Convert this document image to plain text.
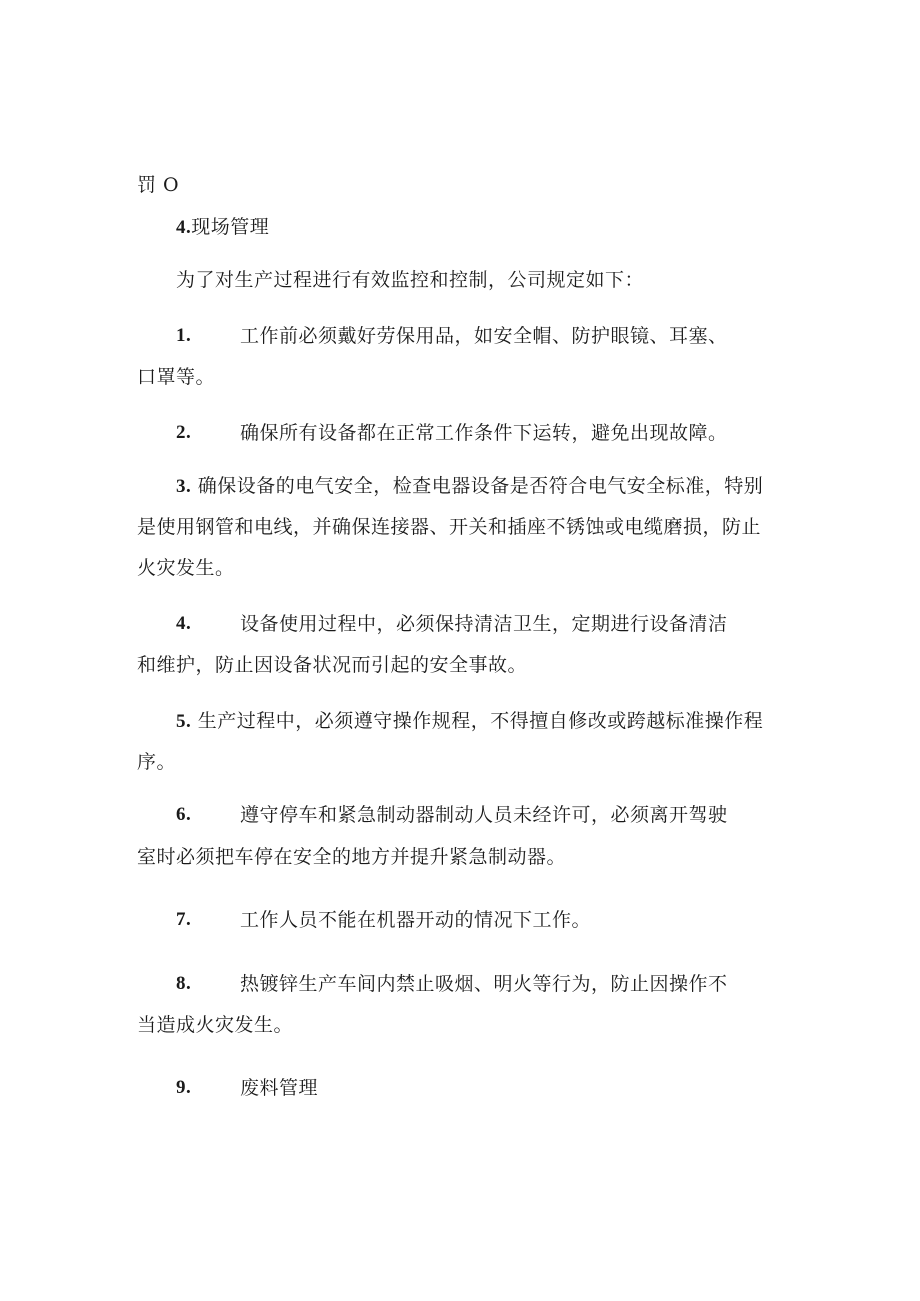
罚 O
4.现场管理
为了对生产过程进行有效监控和控制，公司规定如下：
1.	工作前必须戴好劳保用品，如安全帽、防护眼镜、耳塞、
口罩等。
2.	确保所有设备都在正常工作条件下运转，避免出现故障。
3. 确保设备的电气安全，检查电器设备是否符合电气安全标准，特别
是使用钢管和电线，并确保连接器、开关和插座不锈蚀或电缆磨损，防止
火灾发生。
4.	设备使用过程中，必须保持清洁卫生，定期进行设备清洁
和维护，防止因设备状况而引起的安全事故。
5. 生产过程中，必须遵守操作规程，不得擅自修改或跨越标准操作程
序。
6.	遵守停车和紧急制动器制动人员未经许可，必须离开驾驶
室时必须把车停在安全的地方并提升紧急制动器。
7.	工作人员不能在机器开动的情况下工作。
8.	热镀锌生产车间内禁止吸烟、明火等行为，防止因操作不
当造成火灾发生。
9.	废料管理
